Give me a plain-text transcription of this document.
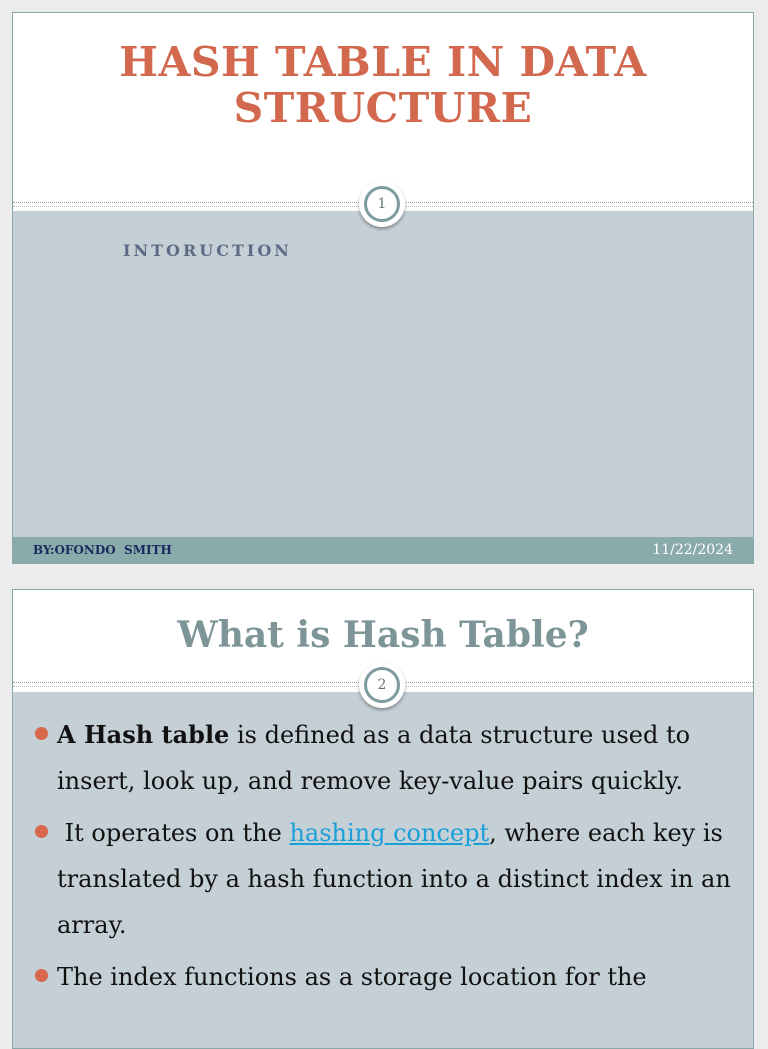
HASH TABLE IN DATA STRUCTURE
INTORUCTION
1
BY:OFONDO  SMITH	11/22/2024
What is Hash Table?
2
A Hash table is defined as a data structure used to insert, look up, and remove key-value pairs quickly.
It operates on the hashing concept, where each key is translated by a hash function into a distinct index in an array.
The index functions as a storage location for the
